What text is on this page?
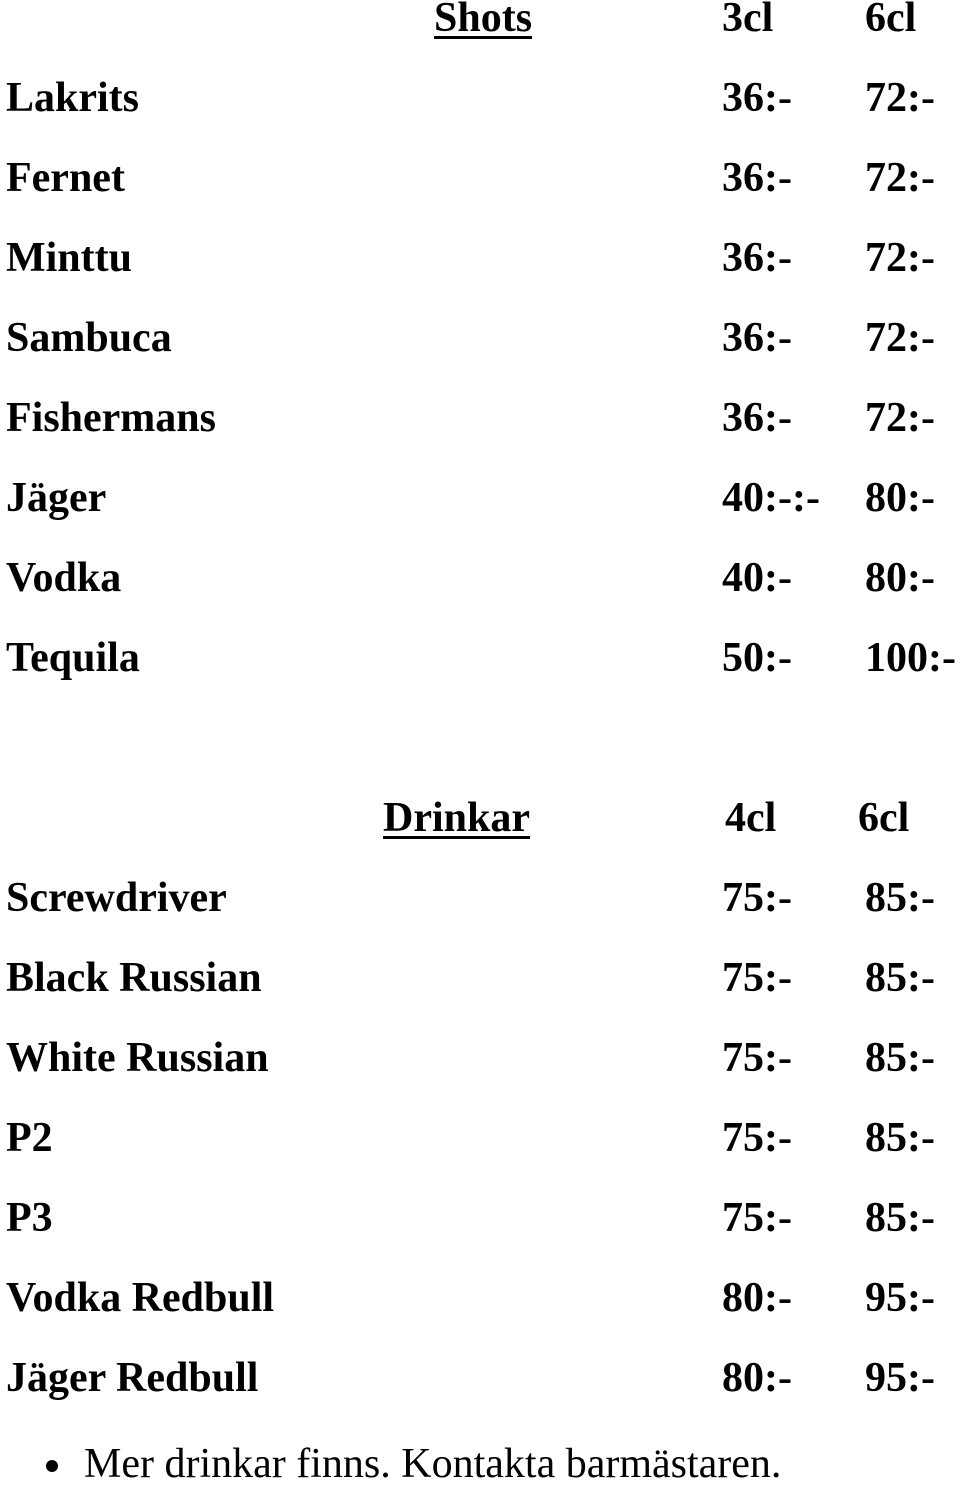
Shots	3cl 6cl
Lakrits	36:- 72:-
Fernet	36:- 72:-
Minttu	36:- 72:-
Sambuca	36:- 72:-
Fishermans	36:- 72:-
Jäger	40:-:- 80:-
Vodka	40:- 80:-
Tequila	50:- 100:-
Drinkar	4cl 6cl
Screwdriver	75:- 85:-
Black Russian	75:- 85:-
White Russian	75:- 85:-
P2	75:- 85:-
P3	75:- 85:-
Vodka Redbull	80:- 95:-
Jäger Redbull	80:- 95:-
Mer drinkar finns. Kontakta barmästaren.
